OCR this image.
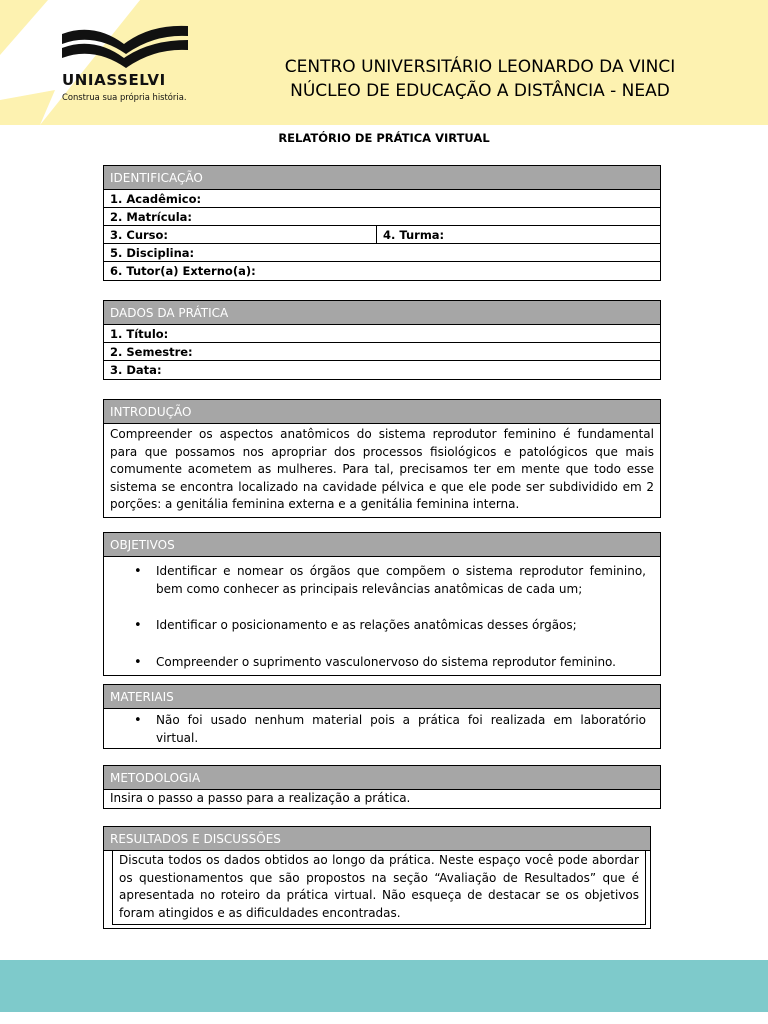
UNIASSELVI
Construa sua própria história.
CENTRO UNIVERSITÁRIO LEONARDO DA VINCI
NÚCLEO DE EDUCAÇÃO A DISTÂNCIA - NEAD
RELATÓRIO DE PRÁTICA VIRTUAL
IDENTIFICAÇÃO
1. Acadêmico:
2. Matrícula:
3. Curso:	4. Turma:
5. Disciplina:
6. Tutor(a) Externo(a):
DADOS DA PRÁTICA
1. Título:
2. Semestre:
3. Data:
INTRODUÇÃO
Compreender os aspectos anatômicos do sistema reprodutor feminino é fundamental para que possamos nos apropriar dos processos fisiológicos e patológicos que mais comumente acometem as mulheres. Para tal, precisamos ter em mente que todo esse sistema se encontra localizado na cavidade pélvica e que ele pode ser subdividido em 2 porções: a genitália feminina externa e a genitália feminina interna.
OBJETIVOS
• Identificar e nomear os órgãos que compõem o sistema reprodutor feminino, bem como conhecer as principais relevâncias anatômicas de cada um;
• Identificar o posicionamento e as relações anatômicas desses órgãos;
• Compreender o suprimento vasculonervoso do sistema reprodutor feminino.
MATERIAIS
• Não foi usado nenhum material pois a prática foi realizada em laboratório virtual.
METODOLOGIA
Insira o passo a passo para a realização a prática.
RESULTADOS E DISCUSSÕES
Discuta todos os dados obtidos ao longo da prática. Neste espaço você pode abordar os questionamentos que são propostos na seção “Avaliação de Resultados” que é apresentada no roteiro da prática virtual. Não esqueça de destacar se os objetivos foram atingidos e as dificuldades encontradas.
